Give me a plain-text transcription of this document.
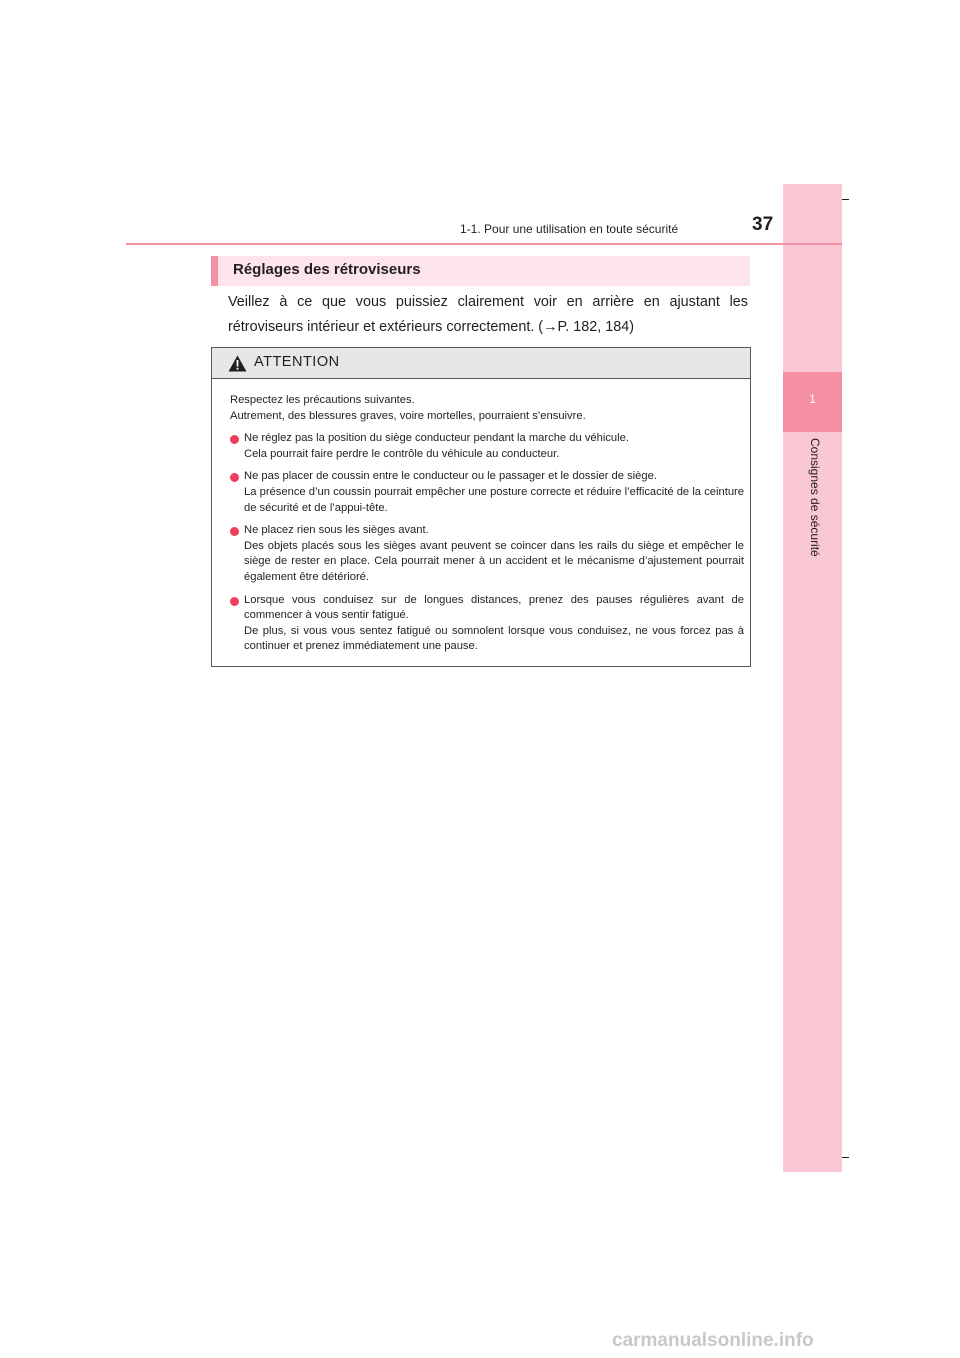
1
Consignes de sécurité
1-1. Pour une utilisation en toute sécurité	37
Réglages des rétroviseurs

Veillez à ce que vous puissiez clairement voir en arrière en ajustant les rétroviseurs intérieur et extérieurs correctement. (→P. 182, 184)

ATTENTION

Respectez les précautions suivantes.

Autrement, des blessures graves, voire mortelles, pourraient s’ensuivre.

Ne réglez pas la position du siège conducteur pendant la marche du véhicule.

Cela pourrait faire perdre le contrôle du véhicule au conducteur.

Ne pas placer de coussin entre le conducteur ou le passager et le dossier de siège.

La présence d’un coussin pourrait empêcher une posture correcte et réduire l’efficacité de la ceinture de sécurité et de l’appui-tête.

Ne placez rien sous les sièges avant.

Des objets placés sous les sièges avant peuvent se coincer dans les rails du siège et empêcher le siège de rester en place. Cela pourrait mener à un accident et le mécanisme d’ajustement pourrait également être détérioré.

Lorsque vous conduisez sur de longues distances, prenez des pauses régulières avant de commencer à vous sentir fatigué.

De plus, si vous vous sentez fatigué ou somnolent lorsque vous conduisez, ne vous forcez pas à continuer et prenez immédiatement une pause.

carmanualsonline.info
